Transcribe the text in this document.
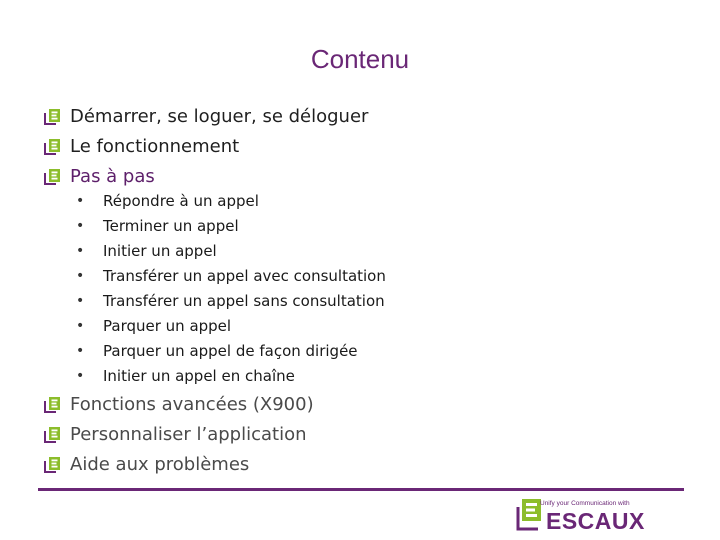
Contenu
Démarrer, se loguer, se déloguer
Le fonctionnement
Pas à pas
• Répondre à un appel
• Terminer un appel
• Initier un appel
• Transférer un appel avec consultation
• Transférer un appel sans consultation
• Parquer un appel
• Parquer un appel de façon dirigée
• Initier un appel en chaîne
Fonctions avancées (X900)
Personnaliser l’application
Aide aux problèmes
Unify your Communication with
ESCAUX
